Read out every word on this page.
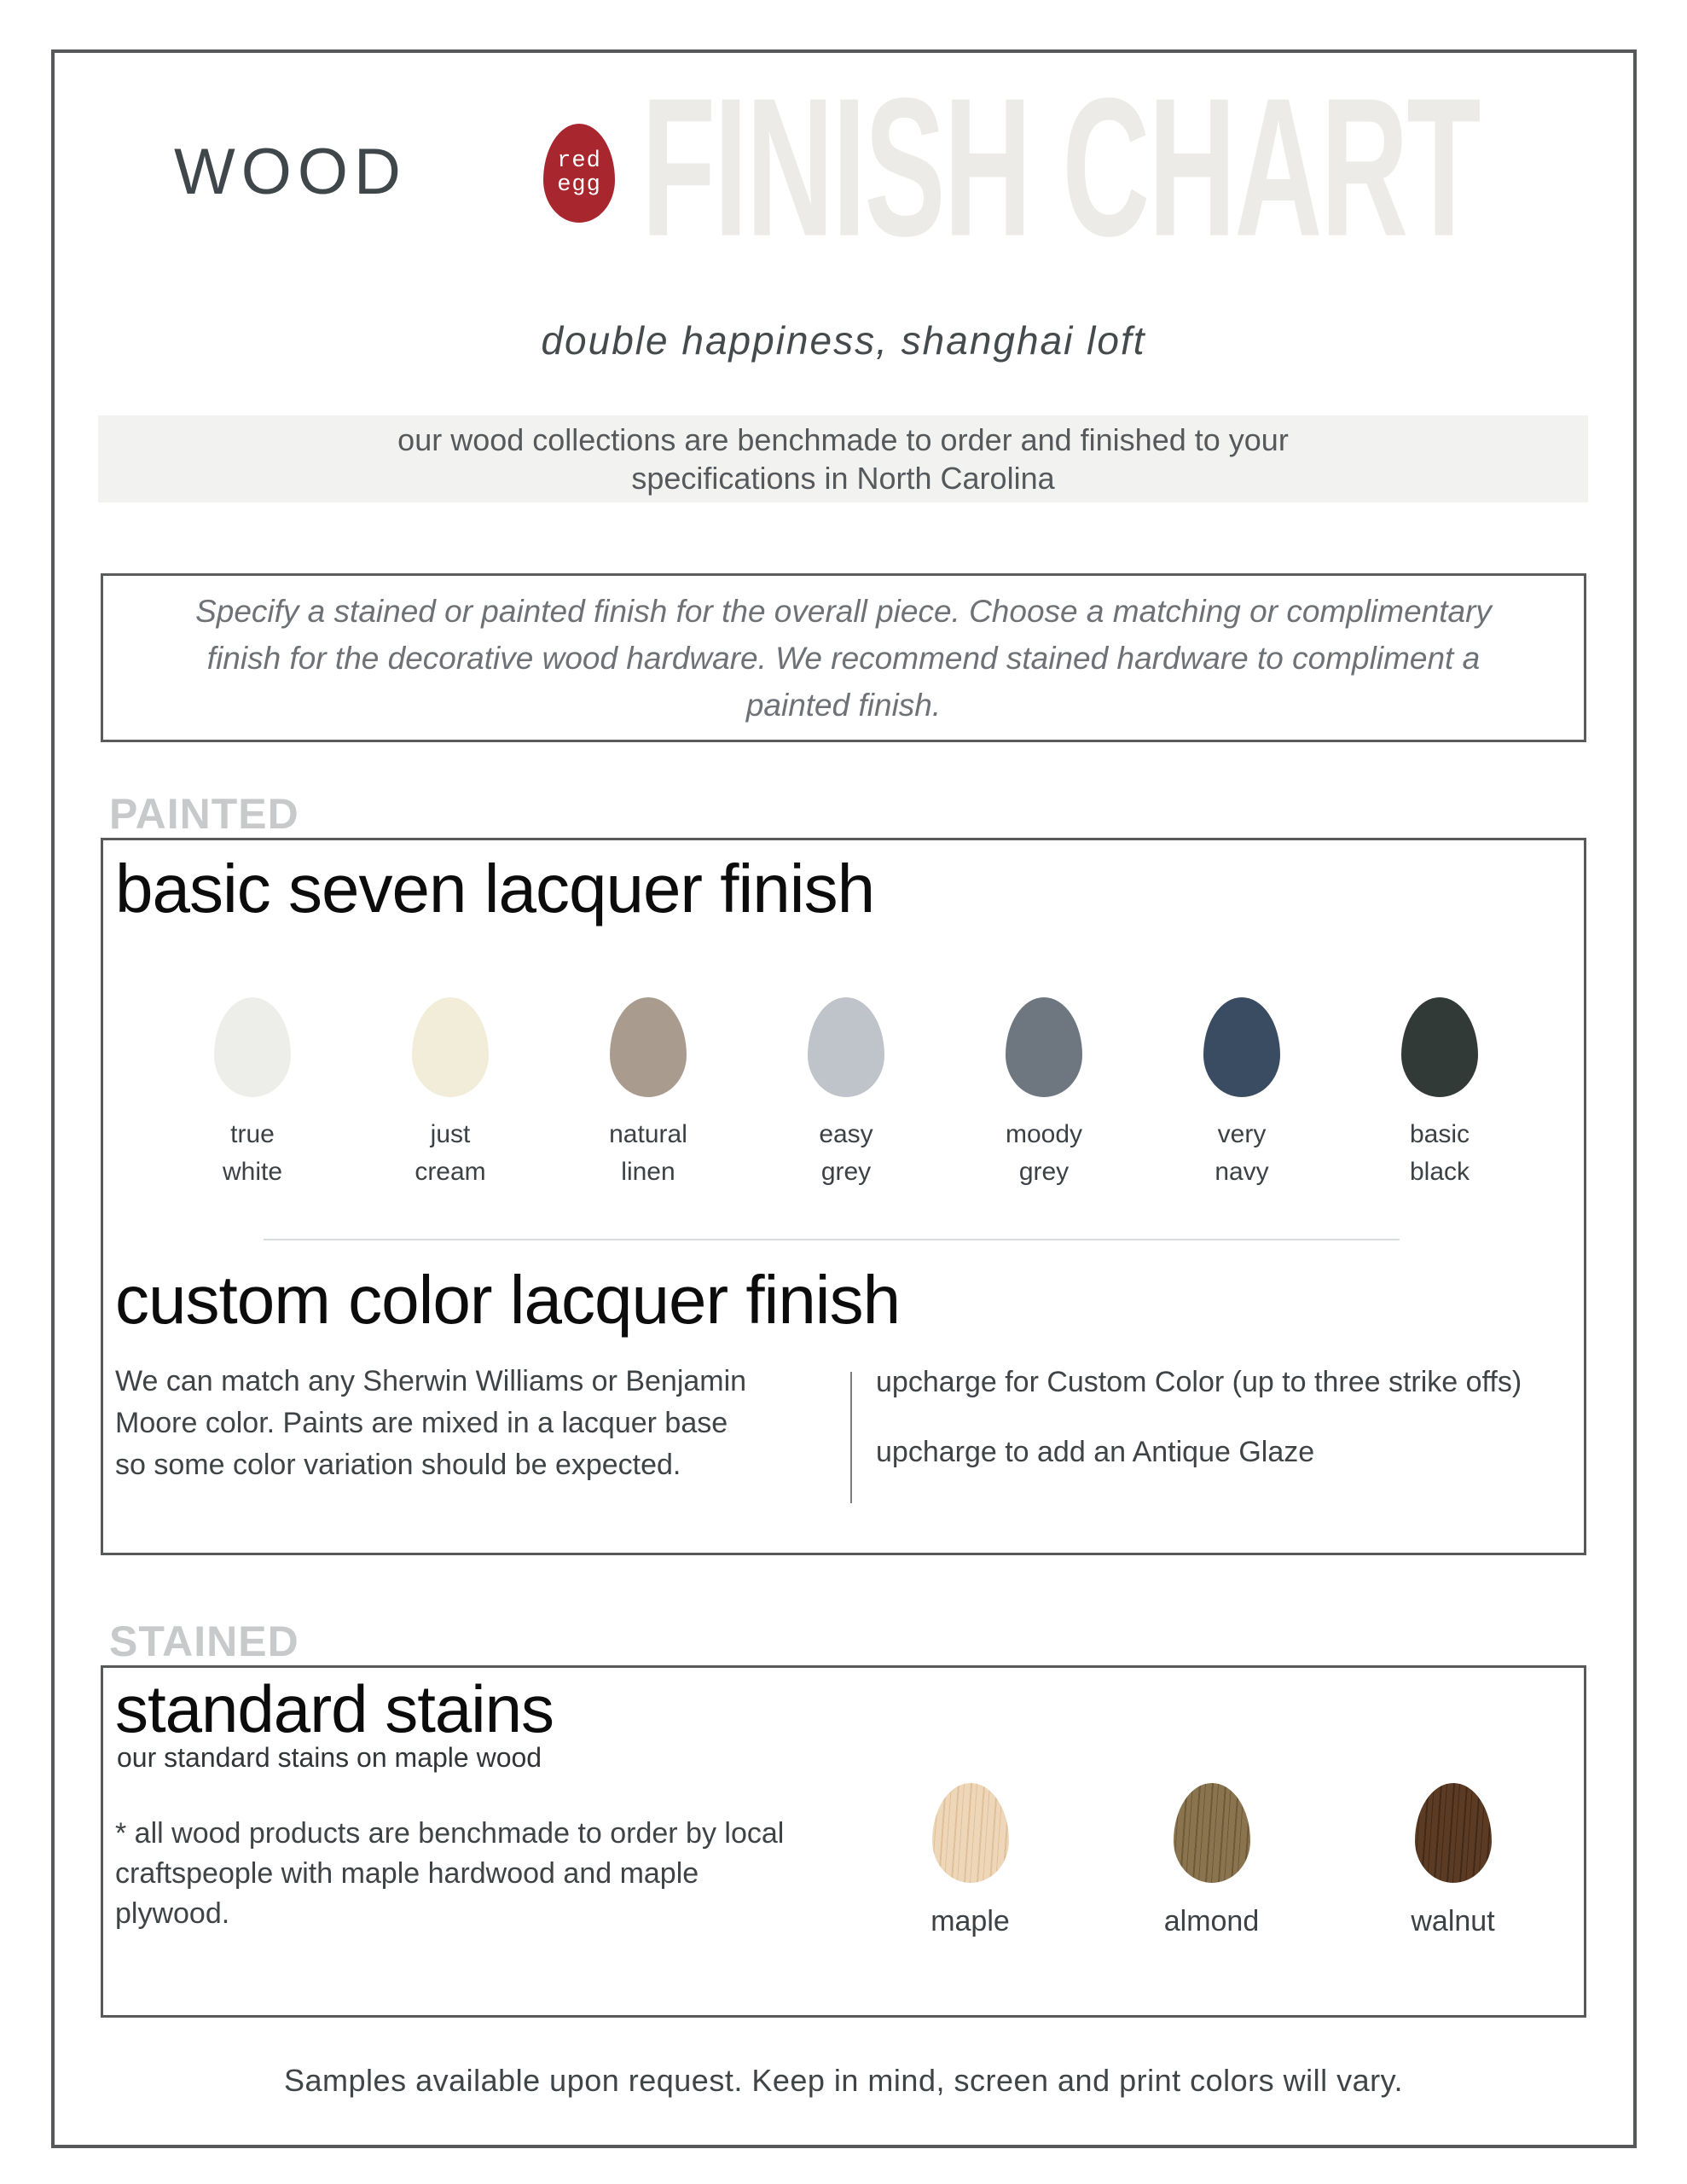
WOOD	red
egg FINISH CHART
double happiness, shanghai loft
our wood collections are benchmade to order and finished to your specifications in North Carolina
Specify a stained or painted finish for the overall piece. Choose a matching or complimentary finish for the decorative wood hardware. We recommend stained hardware to compliment a painted finish.
PAINTED
basic seven lacquer finish
true
white
just
cream
natural
linen
easy
grey
moody
grey
very
navy
basic
black
custom color lacquer finish
We can match any Sherwin Williams or Benjamin Moore color. Paints are mixed in a lacquer base so some color variation should be expected.
upcharge for Custom Color (up to three strike offs)
upcharge to add an Antique Glaze
STAINED
standard stains
our standard stains on maple wood
* all wood products are benchmade to order by local craftspeople with maple hardwood and maple plywood.	maple	almond	walnut
Samples available upon request. Keep in mind, screen and print colors will vary.
